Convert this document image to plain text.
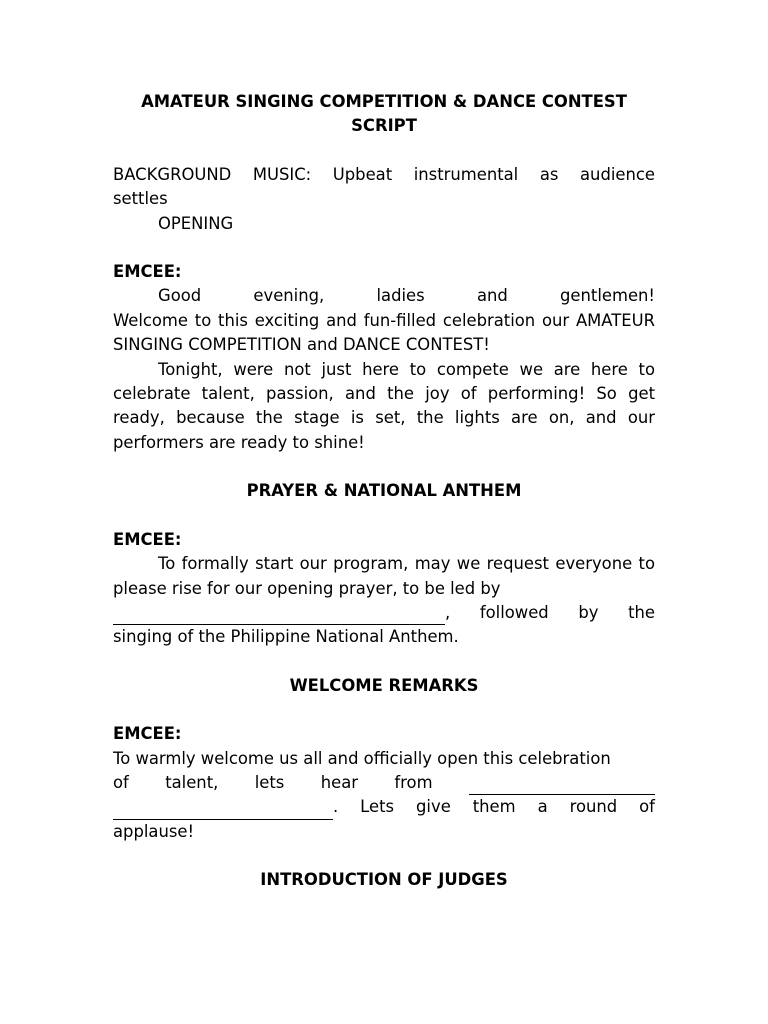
AMATEUR SINGING COMPETITION & DANCE CONTEST

SCRIPT

BACKGROUND MUSIC: Upbeat instrumental as audience

settles

OPENING

EMCEE:

Good	evening,	ladies	and	gentlemen!

Welcome to this exciting and fun-filled celebration our AMATEUR SINGING COMPETITION and DANCE CONTEST!

Tonight, were not just here to compete we are here to celebrate talent, passion, and the joy of performing! So get ready, because the stage is set, the lights are on, and our performers are ready to shine!

PRAYER & NATIONAL ANTHEM

EMCEE:

To formally start our program, may we request everyone to please rise for our opening prayer, to be led by

, followed by the

singing of the Philippine National Anthem.

WELCOME REMARKS

EMCEE:

To warmly welcome us all and officially open this celebration

of talent, lets hear from
. Lets give them a round of

applause!

INTRODUCTION OF JUDGES
